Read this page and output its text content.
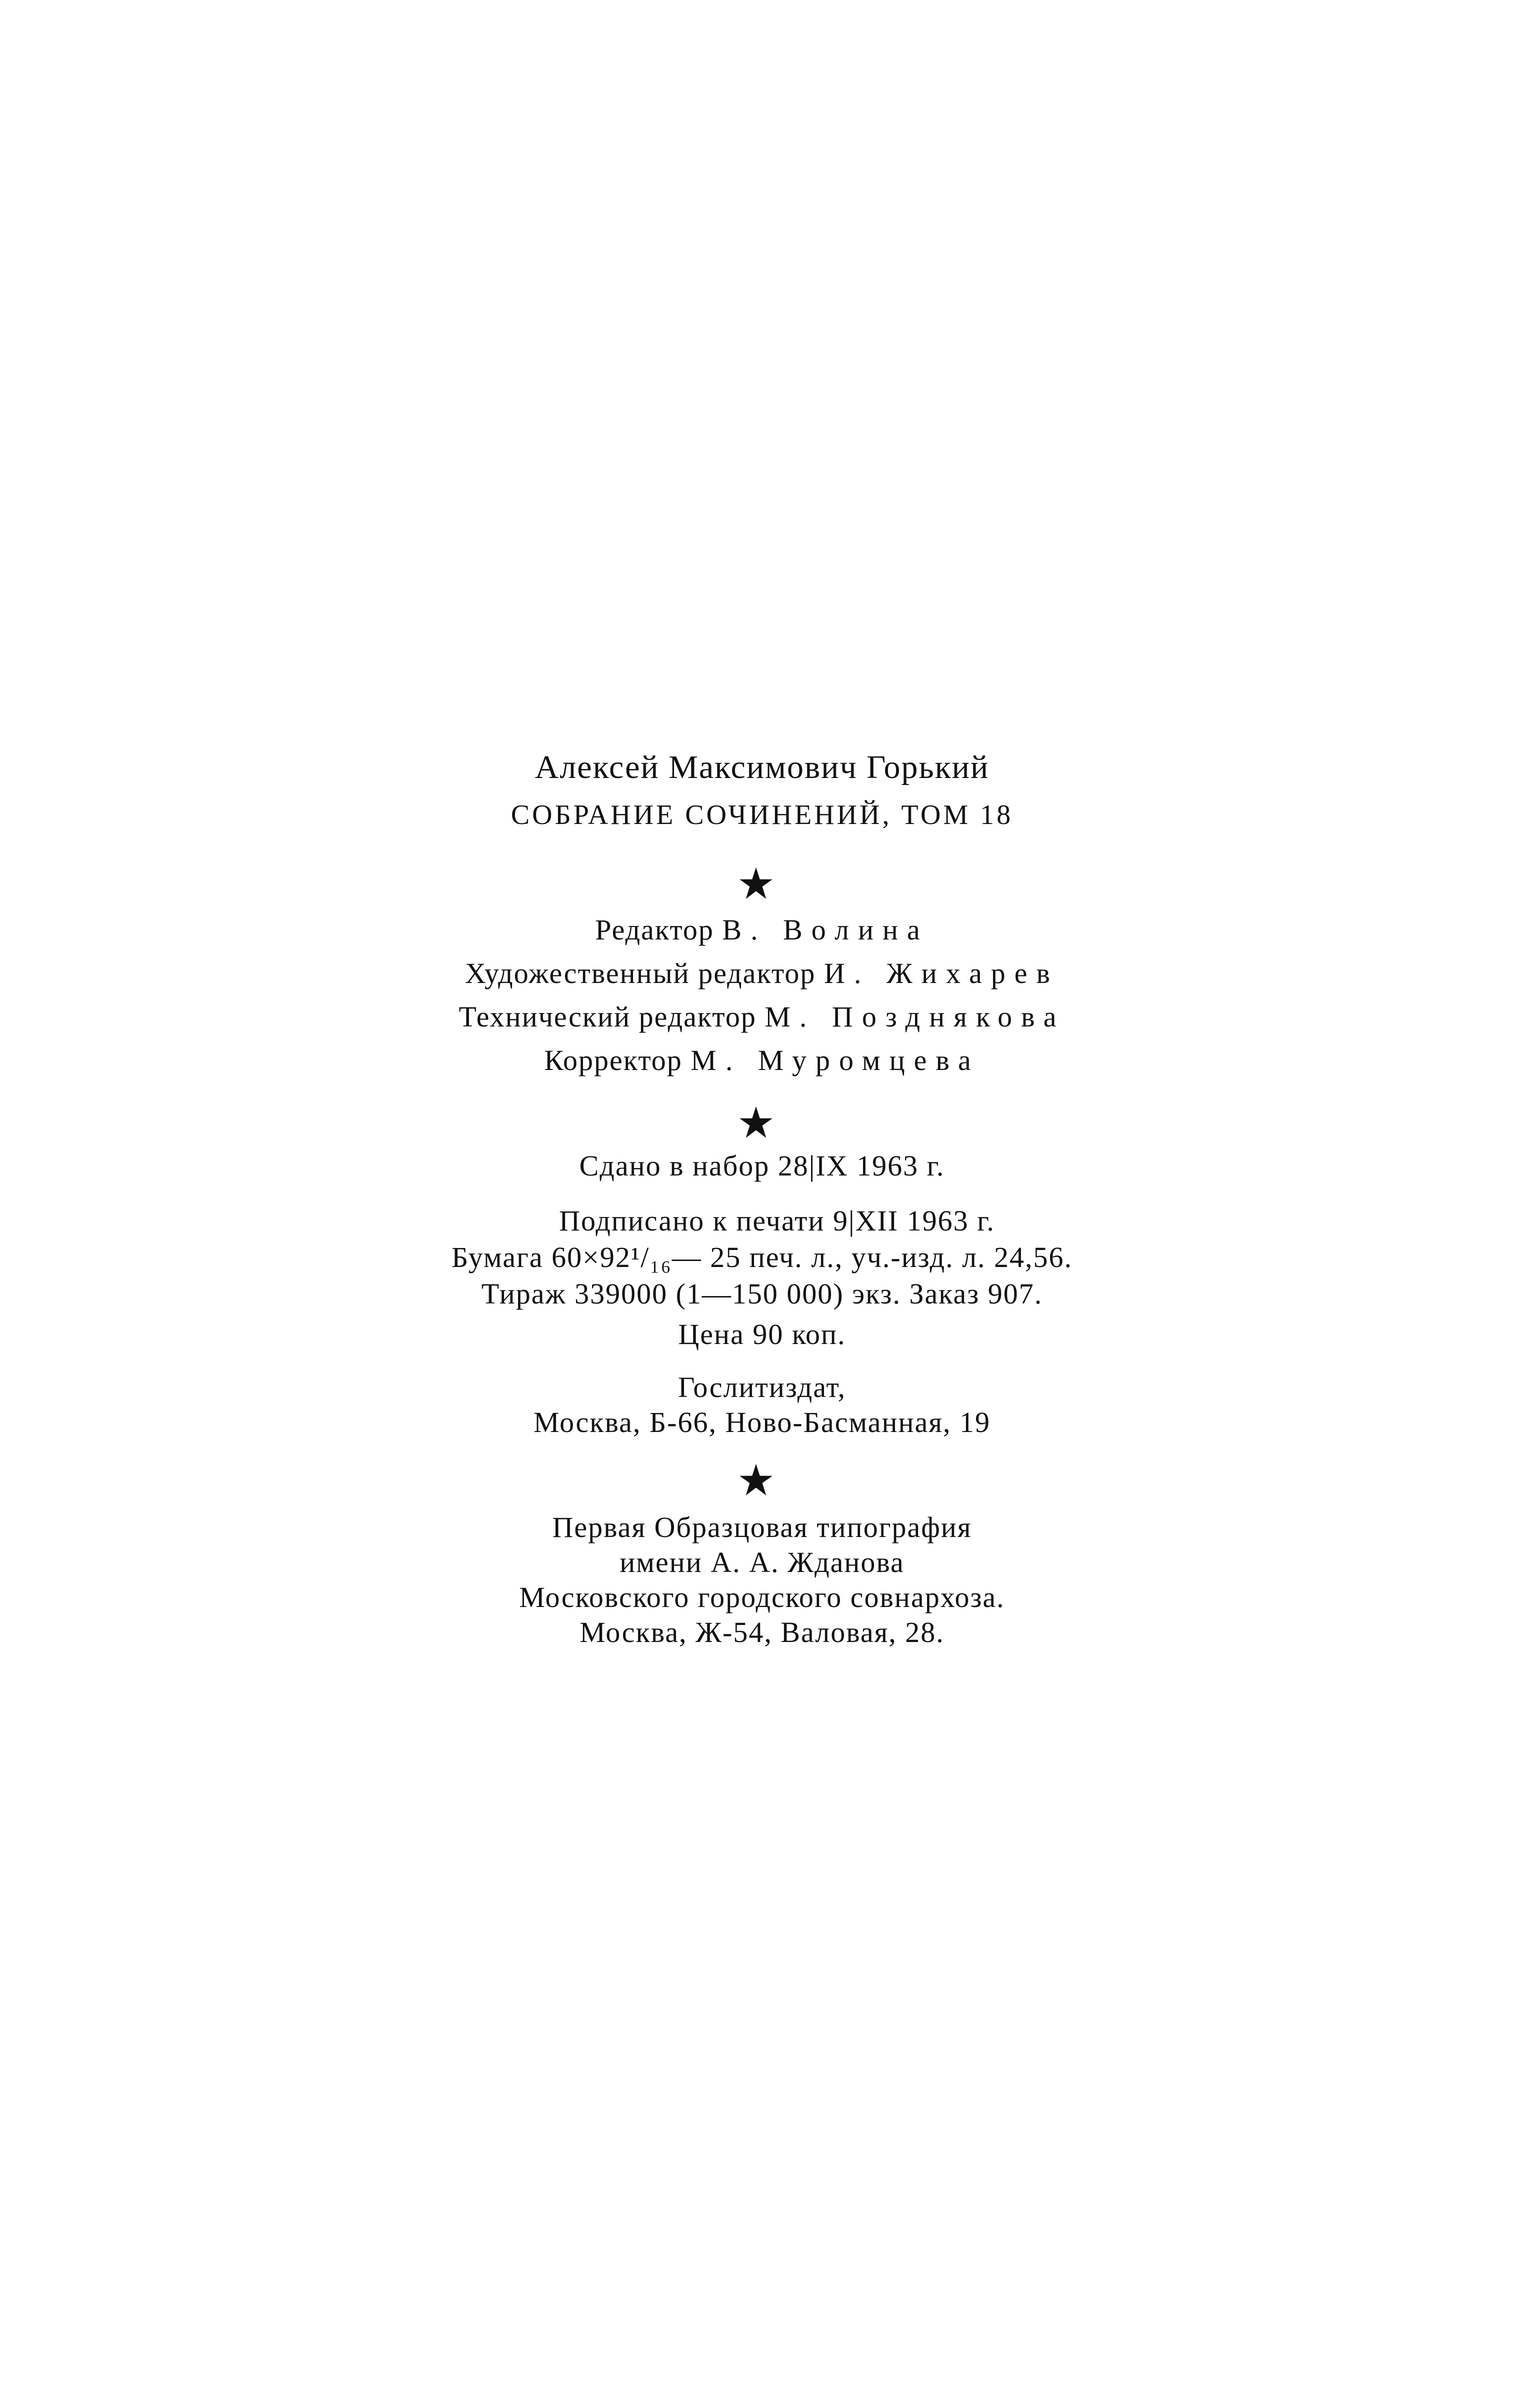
Алексей Максимович Горький
СОБРАНИЕ СОЧИНЕНИЙ, ТОМ 18
Редактор В. Волина
Художественный редактор И. Жихарев
Технический редактор М. Позднякова
Корректор М. Муромцева
Сдано в набор 28|IX 1963 г.
Подписано к печати 9|XII 1963 г.
Бумага 60×92¹/₁₆— 25 печ. л., уч.-изд. л. 24,56.
Тираж 339000 (1—150 000) экз. Заказ 907.
Цена 90 коп.
Гослитиздат,
Москва, Б-66, Ново-Басманная, 19
Первая Образцовая типография
имени А. А. Жданова
Московского городского совнархоза.
Москва, Ж-54, Валовая, 28.
